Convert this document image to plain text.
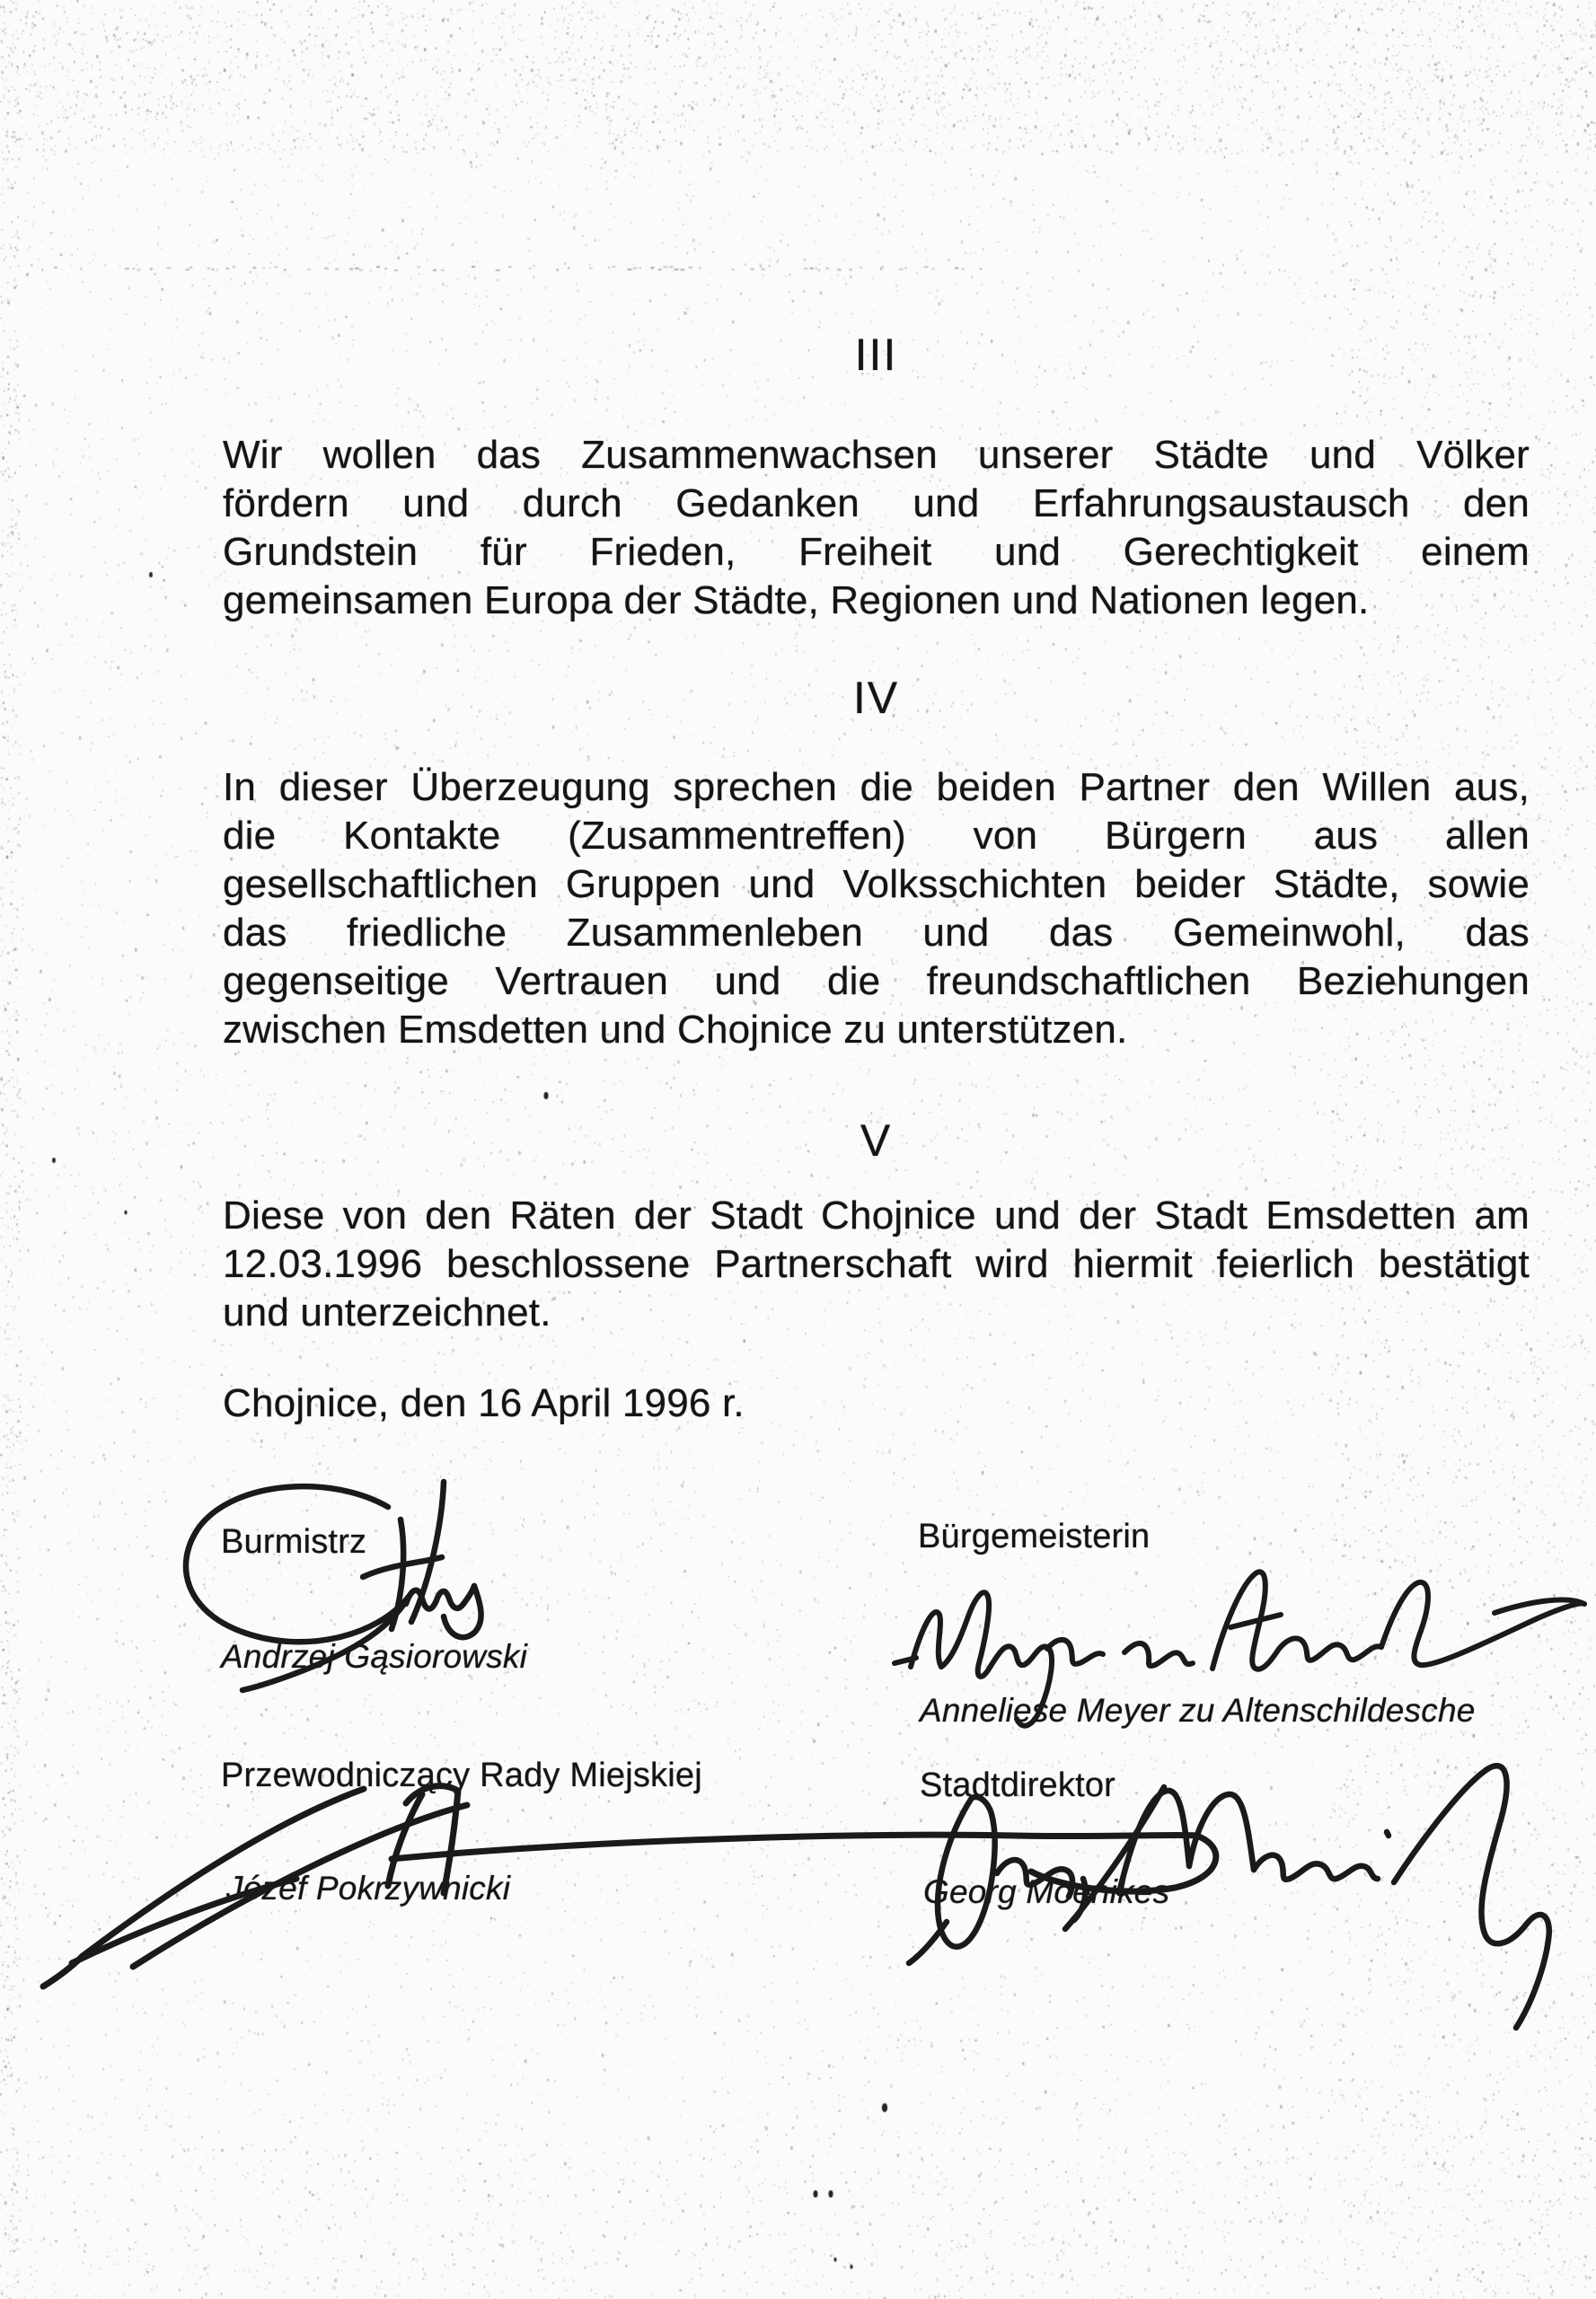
III
Wir wollen das Zusammenwachsen unserer Städte und Völker
fördern und durch Gedanken und Erfahrungsaustausch den
Grundstein für Frieden, Freiheit und Gerechtigkeit einem
gemeinsamen Europa der Städte, Regionen und Nationen legen.
IV
In dieser Überzeugung sprechen die beiden Partner den Willen aus,
die Kontakte (Zusammentreffen) von Bürgern aus allen
gesellschaftlichen Gruppen und Volksschichten beider Städte, sowie
das friedliche Zusammenleben und das Gemeinwohl, das
gegenseitige Vertrauen und die freundschaftlichen Beziehungen
zwischen Emsdetten und Chojnice zu unterstützen.
V
Diese von den Räten der Stadt Chojnice und der Stadt Emsdetten am
12.03.1996 beschlossene Partnerschaft wird hiermit feierlich bestätigt
und unterzeichnet.
Chojnice, den 16 April 1996 r.
Burmistrz
Andrzej Gąsiorowski
Bürgemeisterin
Anneliese Meyer zu Altenschildesche
Przewodniczący Rady Miejskiej
Józef Pokrzywnicki
Stadtdirektor
Georg Moenikes
